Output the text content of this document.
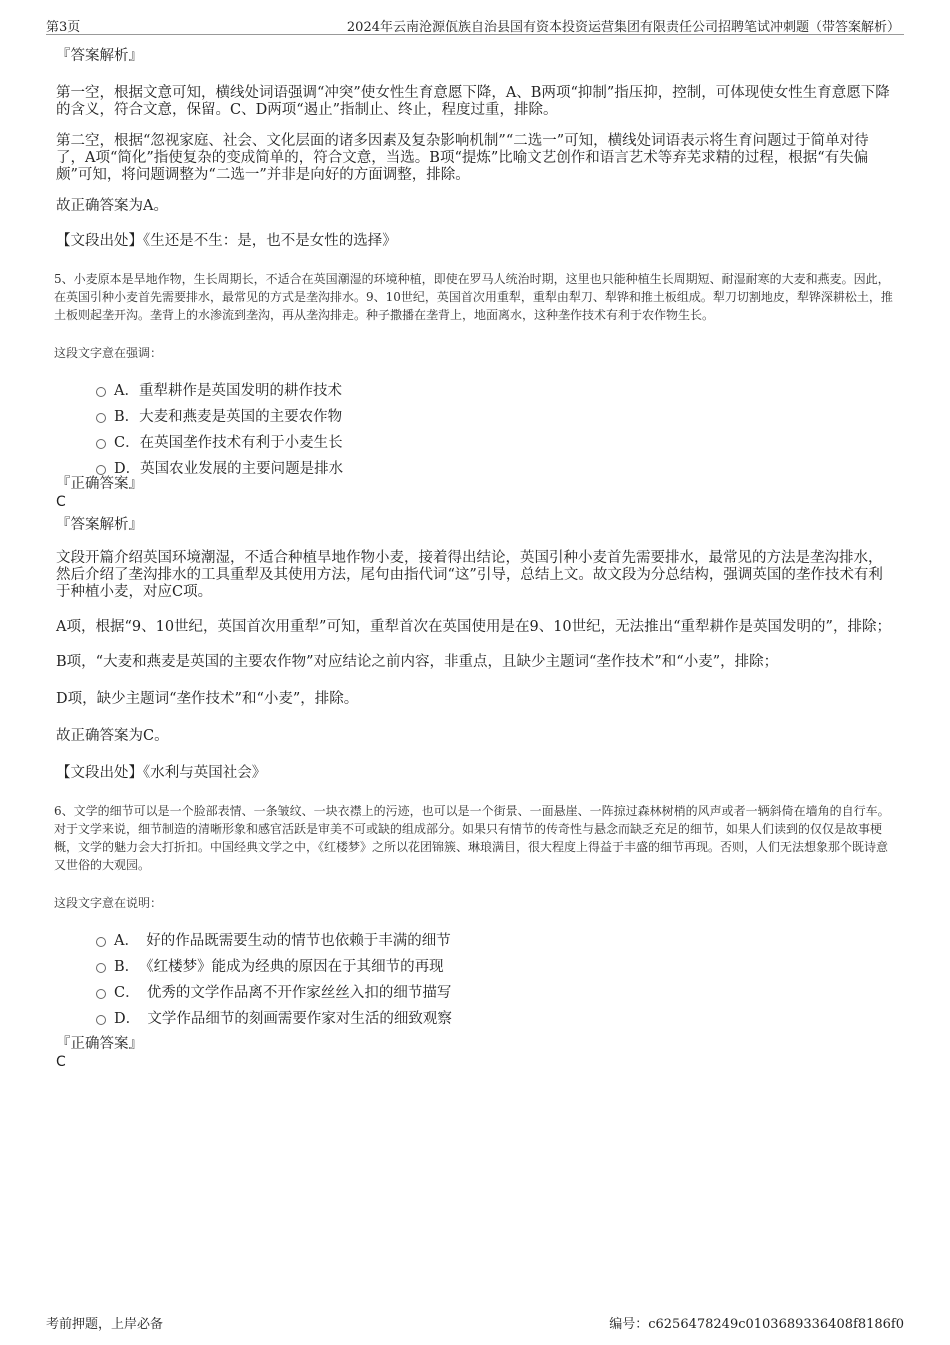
第3页	2024年云南沧源佤族自治县国有资本投资运营集团有限责任公司招聘笔试冲刺题（带答案解析）

『答案解析』

第一空，根据文意可知，横线处词语强调“冲突”使女性生育意愿下降，A、B两项“抑制”指压抑，控制，可体现使女性生育意愿下降的含义，符合文意，保留。C、D两项“遏止”指制止、终止，程度过重，排除。

第二空，根据“忽视家庭、社会、文化层面的诸多因素及复杂影响机制”“二选一”可知，横线处词语表示将生育问题过于简单对待了，A项“简化”指使复杂的变成简单的，符合文意，当选。B项“提炼”比喻文艺创作和语言艺术等弃芜求精的过程，根据“有失偏颇”可知，将问题调整为“二选一”并非是向好的方面调整，排除。

故正确答案为A。

【文段出处】《生还是不生：是，也不是女性的选择》

5、小麦原本是旱地作物，生长周期长，不适合在英国潮湿的环境种植，即使在罗马人统治时期，这里也只能种植生长周期短、耐湿耐寒的大麦和燕麦。因此，在英国引种小麦首先需要排水，最常见的方式是垄沟排水。9、10世纪，英国首次用重犁，重犁由犁刀、犁铧和推土板组成。犁刀切割地皮，犁铧深耕松土，推土板则起垄开沟。垄背上的水渗流到垄沟，再从垄沟排走。种子撒播在垄背上，地面离水，这种垄作技术有利于农作物生长。

这段文字意在强调：

A．重犁耕作是英国发明的耕作技术
B．大麦和燕麦是英国的主要农作物
C．在英国垄作技术有利于小麦生长
D．英国农业发展的主要问题是排水

『正确答案』

C

『答案解析』

文段开篇介绍英国环境潮湿，不适合种植旱地作物小麦，接着得出结论，英国引种小麦首先需要排水，最常见的方法是垄沟排水，然后介绍了垄沟排水的工具重犁及其使用方法，尾句由指代词“这”引导，总结上文。故文段为分总结构，强调英国的垄作技术有利于种植小麦，对应C项。

A项，根据“9、10世纪，英国首次用重犁”可知，重犁首次在英国使用是在9、10世纪，无法推出“重犁耕作是英国发明的”，排除；

B项，“大麦和燕麦是英国的主要农作物”对应结论之前内容，非重点，且缺少主题词“垄作技术”和“小麦”，排除；

D项，缺少主题词“垄作技术”和“小麦”，排除。

故正确答案为C。

【文段出处】《水利与英国社会》

6、文学的细节可以是一个脸部表情、一条皱纹、一块衣襟上的污迹，也可以是一个街景、一面悬崖、一阵掠过森林树梢的风声或者一辆斜倚在墙角的自行车。对于文学来说，细节制造的清晰形象和感官活跃是审美不可或缺的组成部分。如果只有情节的传奇性与悬念而缺乏充足的细节，如果人们读到的仅仅是故事梗概，文学的魅力会大打折扣。中国经典文学之中，《红楼梦》之所以花团锦簇、琳琅满目，很大程度上得益于丰盛的细节再现。否则，人们无法想象那个既诗意又世俗的大观园。

这段文字意在说明：

A．　好的作品既需要生动的情节也依赖于丰满的细节
B．　《红楼梦》能成为经典的原因在于其细节的再现
C．　优秀的文学作品离不开作家丝丝入扣的细节描写
D．　文学作品细节的刻画需要作家对生活的细致观察

『正确答案』

C

考前押题，上岸必备	编号：c6256478249c0103689336408f8186f0
